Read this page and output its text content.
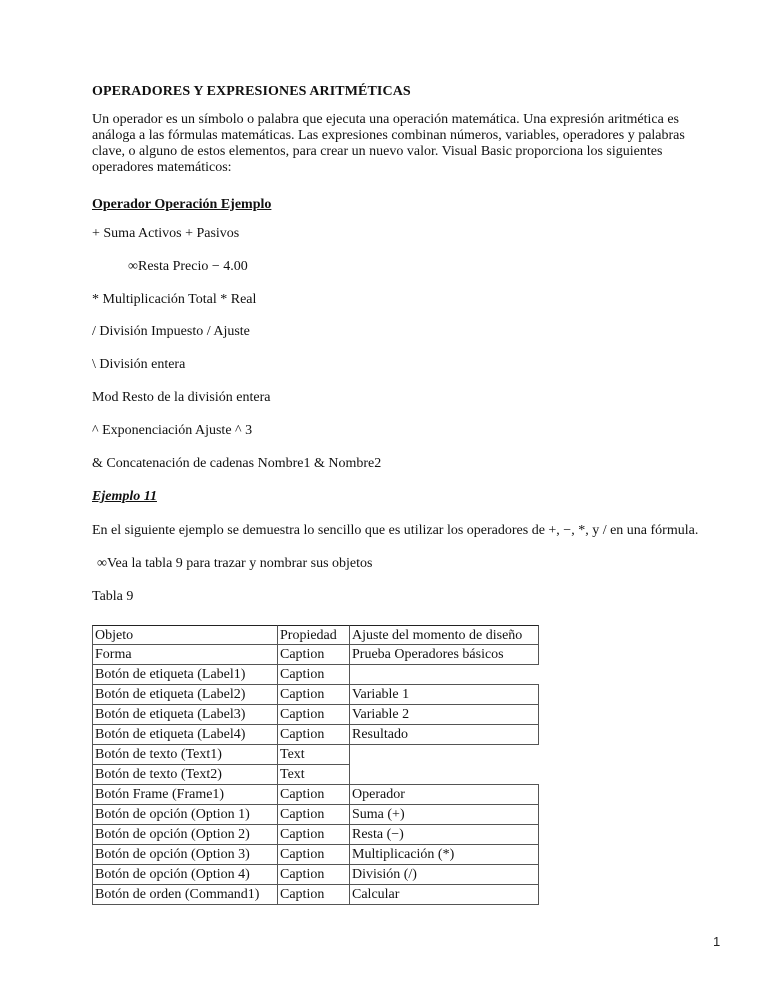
OPERADORES Y EXPRESIONES ARITMÉTICAS
Un operador es un símbolo o palabra que ejecuta una operación matemática. Una expresión aritmética es análoga a las fórmulas matemáticas. Las expresiones combinan números, variables, operadores y palabras clave, o alguno de estos elementos, para crear un nuevo valor. Visual Basic proporciona los siguientes operadores matemáticos:
Operador Operación Ejemplo
+ Suma Activos + Pasivos
∞Resta Precio − 4.00
* Multiplicación Total * Real
/ División Impuesto / Ajuste
\ División entera
Mod Resto de la división entera
^ Exponenciación Ajuste ^ 3
& Concatenación de cadenas Nombre1 & Nombre2
Ejemplo 11
En el siguiente ejemplo se demuestra lo sencillo que es utilizar los operadores de +, −, *, y / en una fórmula.
∞Vea la tabla 9 para trazar y nombrar sus objetos
Tabla 9
Objeto	Propiedad	Ajuste del momento de diseño
Forma	Caption	Prueba Operadores básicos
Botón de etiqueta (Label1)	Caption
Botón de etiqueta (Label2)	Caption	Variable 1
Botón de etiqueta (Label3)	Caption	Variable 2
Botón de etiqueta (Label4)	Caption	Resultado
Botón de texto (Text1)	Text
Botón de texto (Text2)	Text
Botón Frame (Frame1)	Caption	Operador
Botón de opción (Option 1)	Caption	Suma (+)
Botón de opción (Option 2)	Caption	Resta (−)
Botón de opción (Option 3)	Caption	Multiplicación (*)
Botón de opción (Option 4)	Caption	División (/)
Botón de orden (Command1)	Caption	Calcular
1
